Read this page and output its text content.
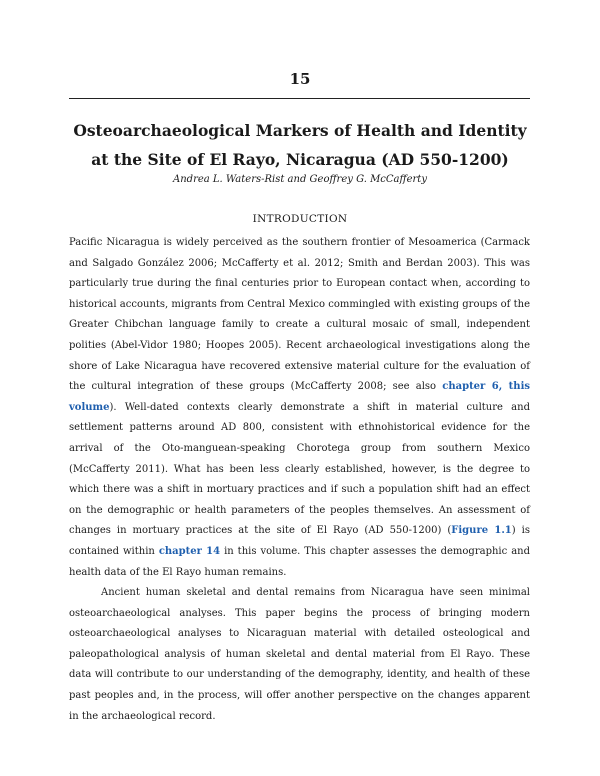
15
Osteoarchaeological Markers of Health and Identity
at the Site of El Rayo, Nicaragua (AD 550-1200)
Andrea L. Waters-Rist and Geoffrey G. McCafferty
INTRODUCTION

Pacific Nicaragua is widely perceived as the southern frontier of Mesoamerica (Carmack and Salgado González 2006; McCafferty et al. 2012; Smith and Berdan 2003). This was particularly true during the final centuries prior to European contact when, according to historical accounts, migrants from Central Mexico commingled with existing groups of the Greater Chibchan language family to create a cultural mosaic of small, independent polities (Abel-Vidor 1980; Hoopes 2005). Recent archaeological investigations along the shore of Lake Nicaragua have recovered extensive material culture for the evaluation of the cultural integration of these groups (McCafferty 2008; see also chapter 6, this volume). Well-dated contexts clearly demonstrate a shift in material culture and settlement patterns around AD 800, consistent with ethnohistorical evidence for the arrival of the Oto-manguean-speaking Chorotega group from southern Mexico (McCafferty 2011). What has been less clearly established, however, is the degree to which there was a shift in mortuary practices and if such a population shift had an effect on the demographic or health parameters of the peoples themselves. An assessment of changes in mortuary practices at the site of El Rayo (AD 550-1200) (Figure 1.1) is contained within chapter 14 in this volume. This chapter assesses the demographic and health data of the El Rayo human remains.

Ancient human skeletal and dental remains from Nicaragua have seen minimal osteoarchaeological analyses. This paper begins the process of bringing modern osteoarchaeological analyses to Nicaraguan material with detailed osteological and paleopathological analysis of human skeletal and dental material from El Rayo. These data will contribute to our understanding of the demography, identity, and health of these past peoples and, in the process, will offer another perspective on the changes apparent in the archaeological record.
